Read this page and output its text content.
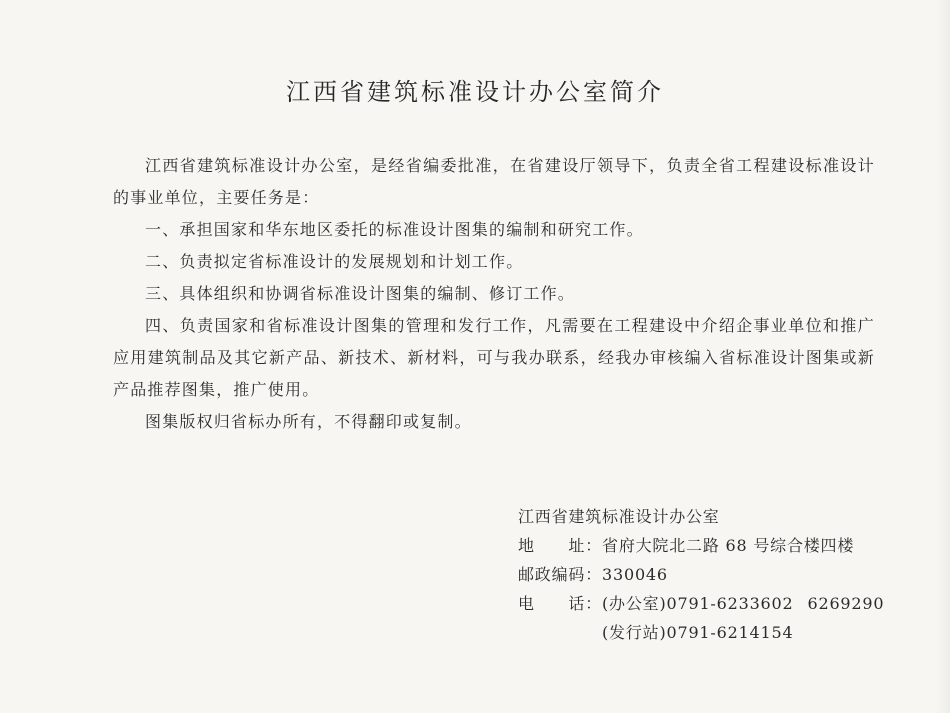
江西省建筑标准设计办公室简介

江西省建筑标准设计办公室，是经省编委批准，在省建设厅领导下，负责全省工程建设标准设计的事业单位，主要任务是：

一、承担国家和华东地区委托的标准设计图集的编制和研究工作。

二、负责拟定省标准设计的发展规划和计划工作。

三、具体组织和协调省标准设计图集的编制、修订工作。

四、负责国家和省标准设计图集的管理和发行工作，凡需要在工程建设中介绍企事业单位和推广应用建筑制品及其它新产品、新技术、新材料，可与我办联系，经我办审核编入省标准设计图集或新产品推荐图集，推广使用。

图集版权归省标办所有，不得翻印或复制。

江西省建筑标准设计办公室
地　　址：省府大院北二路 68 号综合楼四楼
邮政编码：330046
电　　话：(办公室)0791-6233602 6269290
(发行站)0791-6214154
